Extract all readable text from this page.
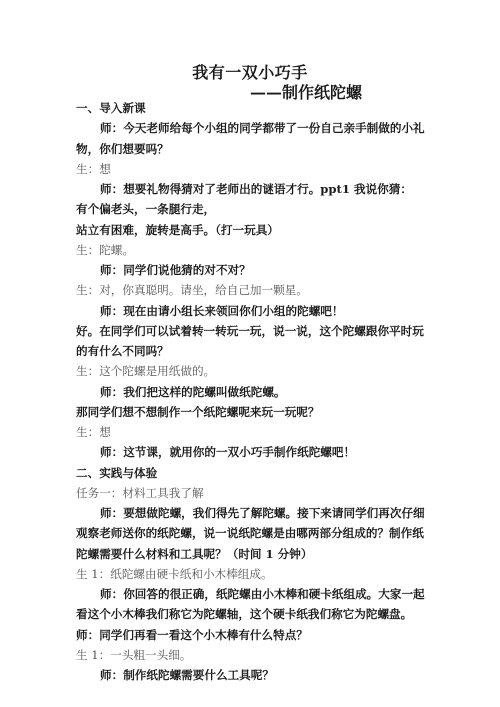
我有一双小巧手
——制作纸陀螺
一、导入新课
师：今天老师给每个小组的同学都带了一份自己亲手制做的小礼
物，你们想要吗？
生：想
师：想要礼物得猜对了老师出的谜语才行。ppt1 我说你猜：
有个偏老头，一条腿行走，
站立有困难，旋转是高手。（打一玩具）
生：陀螺。
师：同学们说他猜的对不对？
生：对，你真聪明。请坐，给自己加一颗星。
师：现在由请小组长来领回你们小组的陀螺吧！
好。在同学们可以试着转一转玩一玩，说一说，这个陀螺跟你平时玩
的有什么不同吗？
生：这个陀螺是用纸做的。
师：我们把这样的陀螺叫做纸陀螺。
那同学们想不想制作一个纸陀螺呢来玩一玩呢？
生：想
师：这节课，就用你的一双小巧手制作纸陀螺吧！
二、实践与体验
任务一：材料工具我了解
师：要想做陀螺，我们得先了解陀螺。接下来请同学们再次仔细
观察老师送你的纸陀螺，说一说纸陀螺是由哪两部分组成的？制作纸
陀螺需要什么材料和工具呢？（时间 1 分钟）
生 1：纸陀螺由硬卡纸和小木棒组成。
师：你回答的很正确，纸陀螺由小木棒和硬卡纸组成。大家一起
看这个小木棒我们称它为陀螺轴，这个硬卡纸我们称它为陀螺盘。
师：同学们再看一看这个小木棒有什么特点？
生 1：一头粗一头细。
师：制作纸陀螺需要什么工具呢？
